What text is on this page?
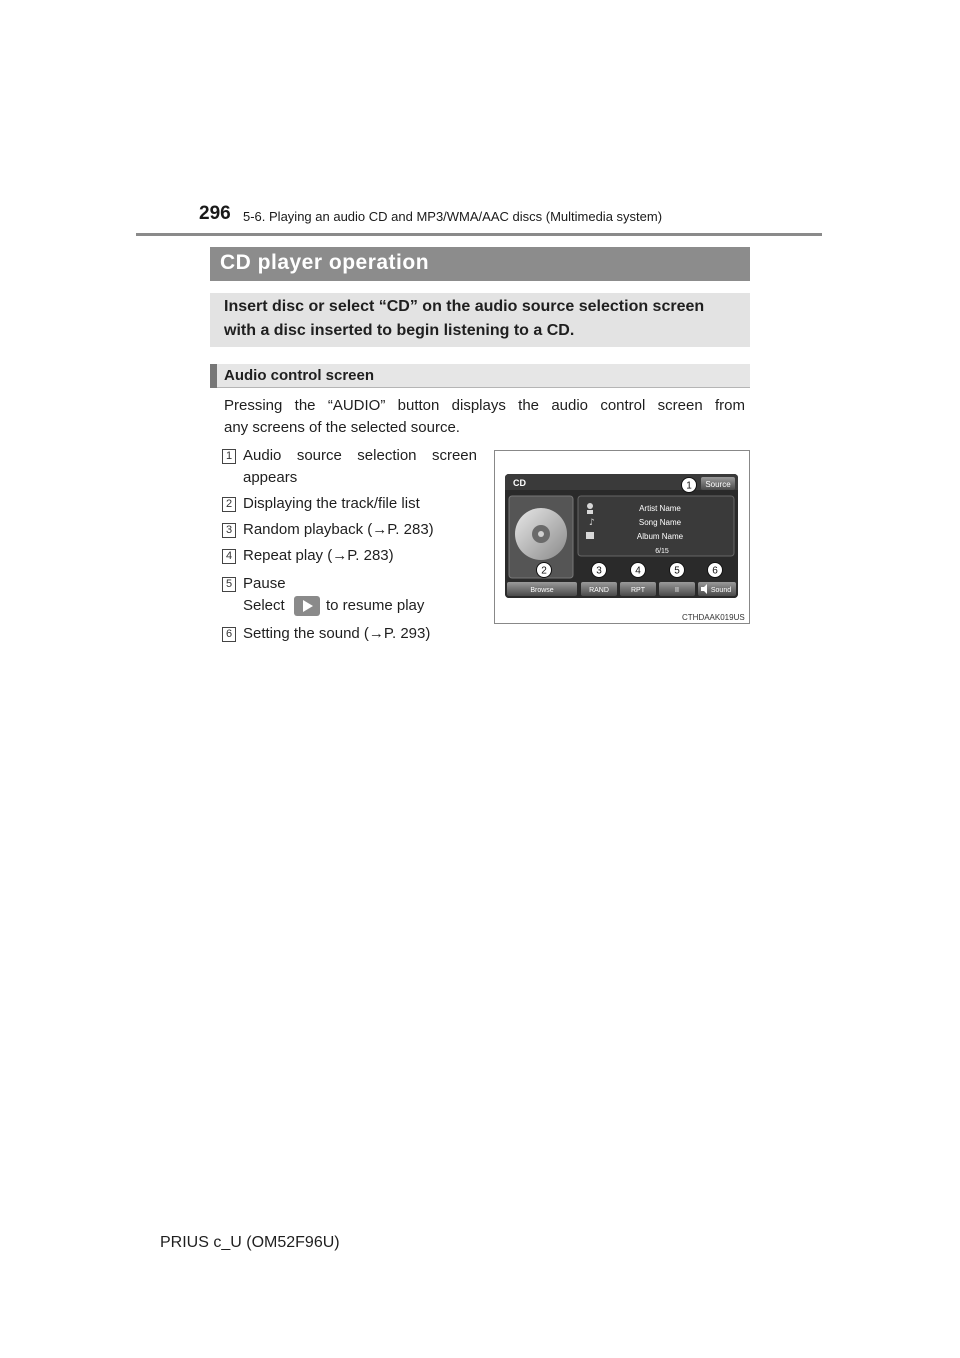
296 5-6. Playing an audio CD and MP3/WMA/AAC discs (Multimedia system)
CD player operation
Insert disc or select “CD” on the audio source selection screen
with a disc inserted to begin listening to a CD.
Audio control screen
Pressing the “AUDIO” button displays the audio control screen from
any screens of the selected source.
1 Audio source selection screen
appears
2 Displaying the track/file list
3 Random playback (→P. 283)
4 Repeat play (→P. 283)
5 Pause
Select	to resume play
6 Setting the sound (→P. 293)
CD	Source
♪
Artist Name
Song Name
Album Name
6/15
Browse	RAND	RPT	II	Sound
1
2	3	4	5	6
CTHDAAK019US
PRIUS c_U (OM52F96U)
